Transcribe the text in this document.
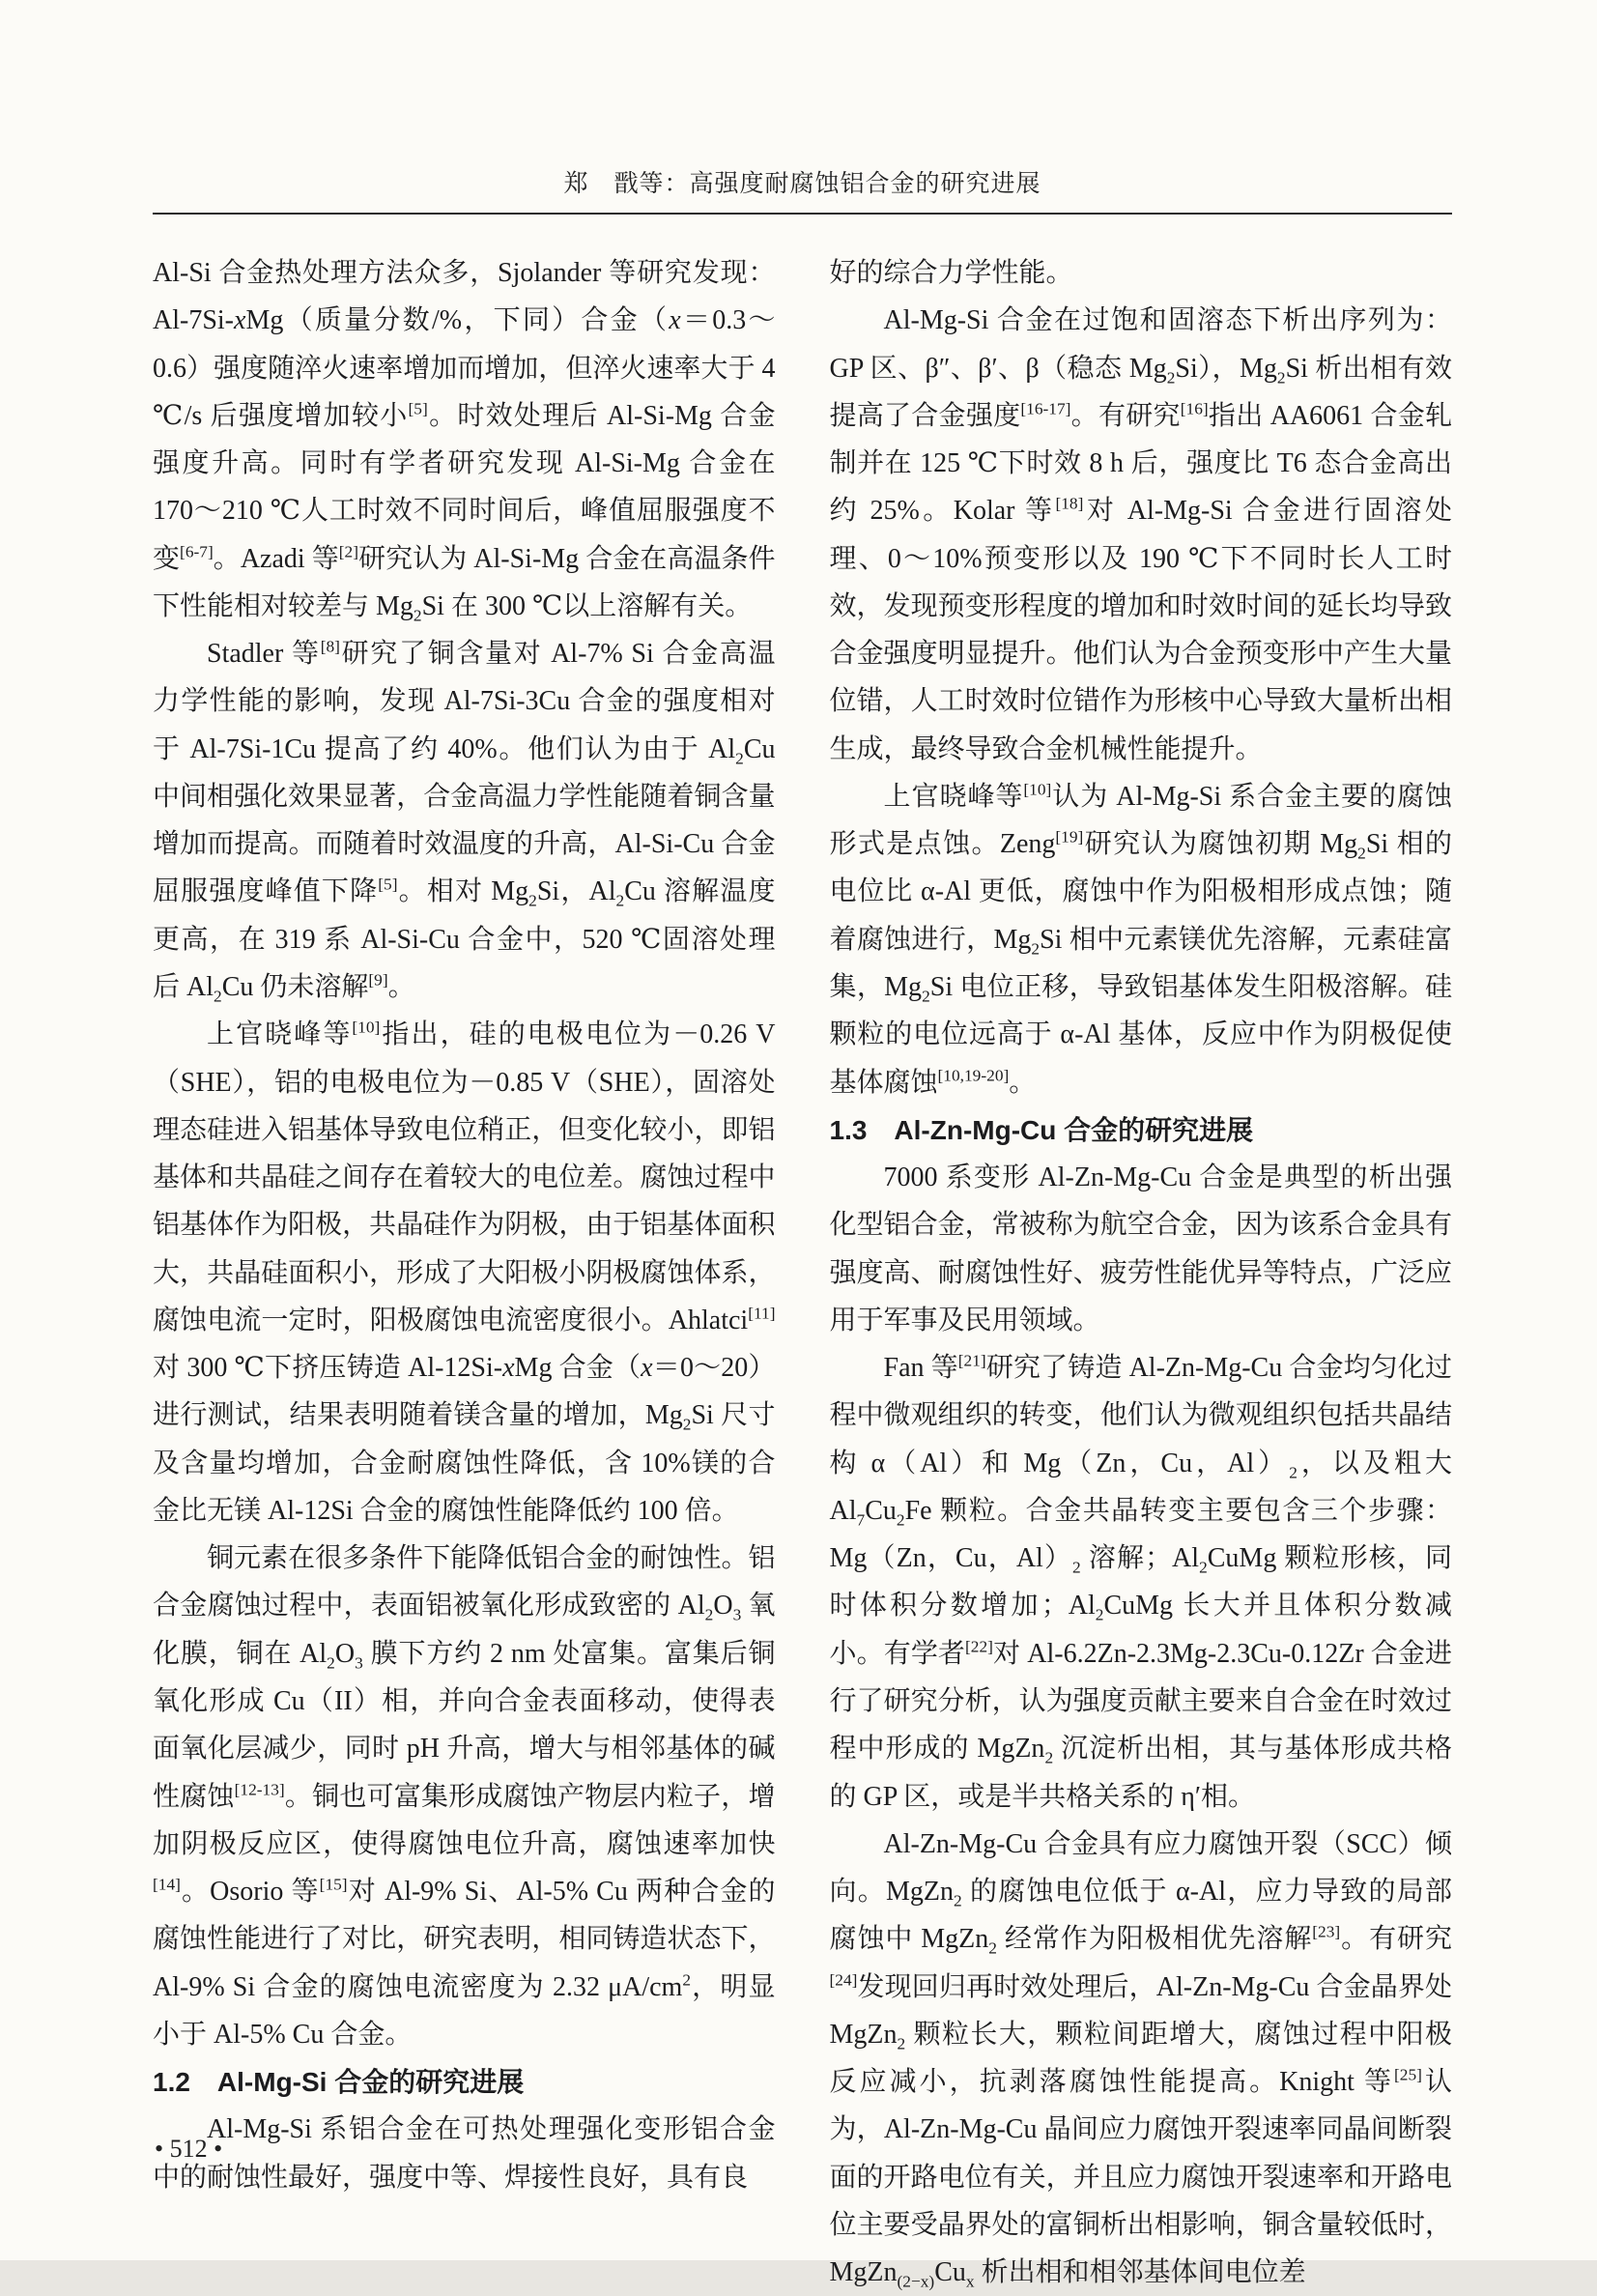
郑　戬等：高强度耐腐蚀铝合金的研究进展

Al-Si 合金热处理方法众多，Sjolander 等研究发现：Al-7Si-xMg（质量分数/%，下同）合金（x＝0.3～0.6）强度随淬火速率增加而增加，但淬火速率大于 4 ℃/s 后强度增加较小[5]。时效处理后 Al-Si-Mg 合金强度升高。同时有学者研究发现 Al-Si-Mg 合金在 170～210 ℃人工时效不同时间后，峰值屈服强度不变[6-7]。Azadi 等[2]研究认为 Al-Si-Mg 合金在高温条件下性能相对较差与 $Mg_2Si$ 在 300 ℃以上溶解有关。

Stadler 等[8]研究了铜含量对 Al-7% Si 合金高温力学性能的影响，发现 Al-7Si-3Cu 合金的强度相对于 Al-7Si-1Cu 提高了约 40%。他们认为由于 $Al_2Cu$ 中间相强化效果显著，合金高温力学性能随着铜含量增加而提高。而随着时效温度的升高，Al-Si-Cu 合金屈服强度峰值下降[5]。相对 $Mg_2Si$，$Al_2Cu$ 溶解温度更高，在 319 系 Al-Si-Cu 合金中，520 ℃固溶处理后 $Al_2Cu$ 仍未溶解[9]。

上官晓峰等[10]指出，硅的电极电位为－0.26 V（SHE），铝的电极电位为－0.85 V（SHE），固溶处理态硅进入铝基体导致电位稍正，但变化较小，即铝基体和共晶硅之间存在着较大的电位差。腐蚀过程中铝基体作为阳极，共晶硅作为阴极，由于铝基体面积大，共晶硅面积小，形成了大阳极小阴极腐蚀体系，腐蚀电流一定时，阳极腐蚀电流密度很小。Ahlatci[11]对 300 ℃下挤压铸造 Al-12Si-xMg 合金（x＝0～20）进行测试，结果表明随着镁含量的增加，$Mg_2Si$ 尺寸及含量均增加，合金耐腐蚀性降低，含 10%镁的合金比无镁 Al-12Si 合金的腐蚀性能降低约 100 倍。

铜元素在很多条件下能降低铝合金的耐蚀性。铝合金腐蚀过程中，表面铝被氧化形成致密的 $Al_2O_3$ 氧化膜，铜在 $Al_2O_3$ 膜下方约 2 nm 处富集。富集后铜氧化形成 Cu（II）相，并向合金表面移动，使得表面氧化层减少，同时 pH 升高，增大与相邻基体的碱性腐蚀[12-13]。铜也可富集形成腐蚀产物层内粒子，增加阴极反应区，使得腐蚀电位升高，腐蚀速率加快[14]。Osorio 等[15]对 Al-9% Si、Al-5% Cu 两种合金的腐蚀性能进行了对比，研究表明，相同铸造状态下，Al-9% Si 合金的腐蚀电流密度为 2.32 $\mu A/cm^2$，明显小于 Al-5% Cu 合金。

1.2　Al-Mg-Si 合金的研究进展

Al-Mg-Si 系铝合金在可热处理强化变形铝合金中的耐蚀性最好，强度中等、焊接性良好，具有良

好的综合力学性能。

Al-Mg-Si 合金在过饱和固溶态下析出序列为：GP 区、β″、β′、β（稳态 $Mg_2Si$），$Mg_2Si$ 析出相有效提高了合金强度[16-17]。有研究[16]指出 AA6061 合金轧制并在 125 ℃下时效 8 h 后，强度比 T6 态合金高出约 25%。Kolar 等[18]对 Al-Mg-Si 合金进行固溶处理、0～10%预变形以及 190 ℃下不同时长人工时效，发现预变形程度的增加和时效时间的延长均导致合金强度明显提升。他们认为合金预变形中产生大量位错，人工时效时位错作为形核中心导致大量析出相生成，最终导致合金机械性能提升。

上官晓峰等[10]认为 Al-Mg-Si 系合金主要的腐蚀形式是点蚀。Zeng[19]研究认为腐蚀初期 $Mg_2Si$ 相的电位比 α-Al 更低，腐蚀中作为阳极相形成点蚀；随着腐蚀进行，$Mg_2Si$ 相中元素镁优先溶解，元素硅富集，$Mg_2Si$ 电位正移，导致铝基体发生阳极溶解。硅颗粒的电位远高于 α-Al 基体，反应中作为阴极促使基体腐蚀[10,19-20]。

1.3　Al-Zn-Mg-Cu 合金的研究进展

7000 系变形 Al-Zn-Mg-Cu 合金是典型的析出强化型铝合金，常被称为航空合金，因为该系合金具有强度高、耐腐蚀性好、疲劳性能优异等特点，广泛应用于军事及民用领域。

Fan 等[21]研究了铸造 Al-Zn-Mg-Cu 合金均匀化过程中微观组织的转变，他们认为微观组织包括共晶结构 α（Al）和 Mg（Zn，Cu，$Al)_2$，以及粗大 $Al_7Cu_2Fe$ 颗粒。合金共晶转变主要包含三个步骤：Mg（Zn，Cu，$Al)_2$ 溶解；$Al_2CuMg$ 颗粒形核，同时体积分数增加；$Al_2CuMg$ 长大并且体积分数减小。有学者[22]对 Al-6.2Zn-2.3Mg-2.3Cu-0.12Zr 合金进行了研究分析，认为强度贡献主要来自合金在时效过程中形成的 MgZn$_2$ 沉淀析出相，其与基体形成共格的 GP 区，或是半共格关系的 η′相。

Al-Zn-Mg-Cu 合金具有应力腐蚀开裂（SCC）倾向。MgZn$_2$ 的腐蚀电位低于 α-Al，应力导致的局部腐蚀中 MgZn$_2$ 经常作为阳极相优先溶解[23]。有研究[24]发现回归再时效处理后，Al-Zn-Mg-Cu 合金晶界处 MgZn$_2$ 颗粒长大，颗粒间距增大，腐蚀过程中阳极反应减小，抗剥落腐蚀性能提高。Knight 等[25]认为，Al-Zn-Mg-Cu 晶间应力腐蚀开裂速率同晶间断裂面的开路电位有关，并且应力腐蚀开裂速率和开路电位主要受晶界处的富铜析出相影响，铜含量较低时，$MgZn_{(2-x)}Cu_x$ 析出相和相邻基体间电位差

• 512 •
